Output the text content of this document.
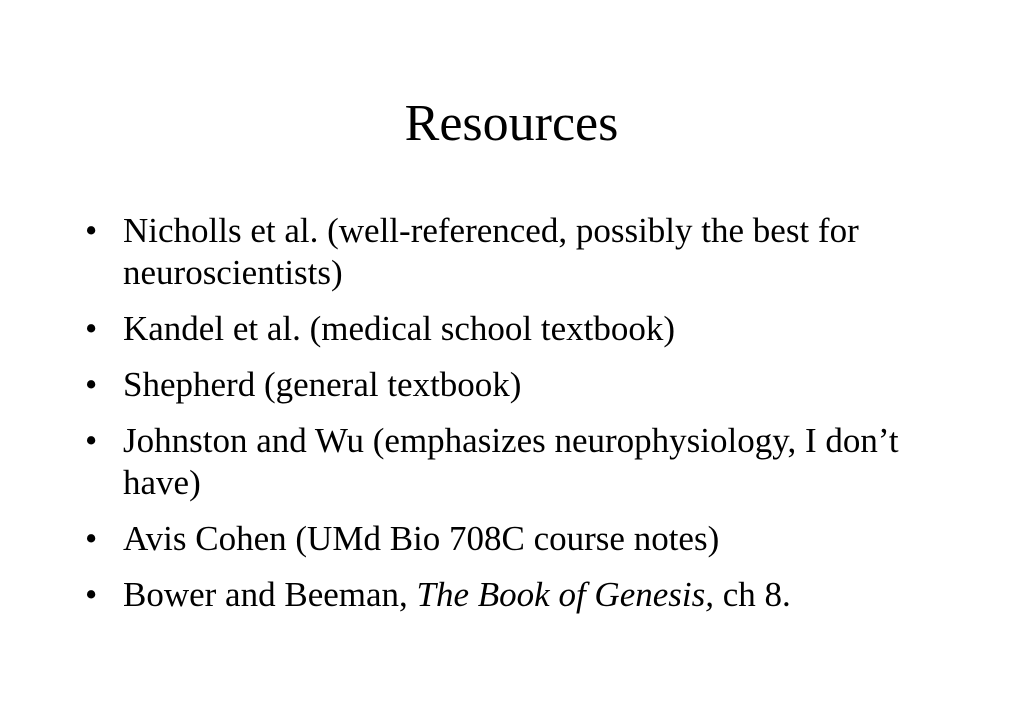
Resources
• Nicholls et al. (well-referenced, possibly the best for neuroscientists)
• Kandel et al. (medical school textbook)
• Shepherd (general textbook)
• Johnston and Wu (emphasizes neurophysiology, I don’t have)
• Avis Cohen (UMd Bio 708C course notes)
• Bower and Beeman, The Book of Genesis, ch 8.
